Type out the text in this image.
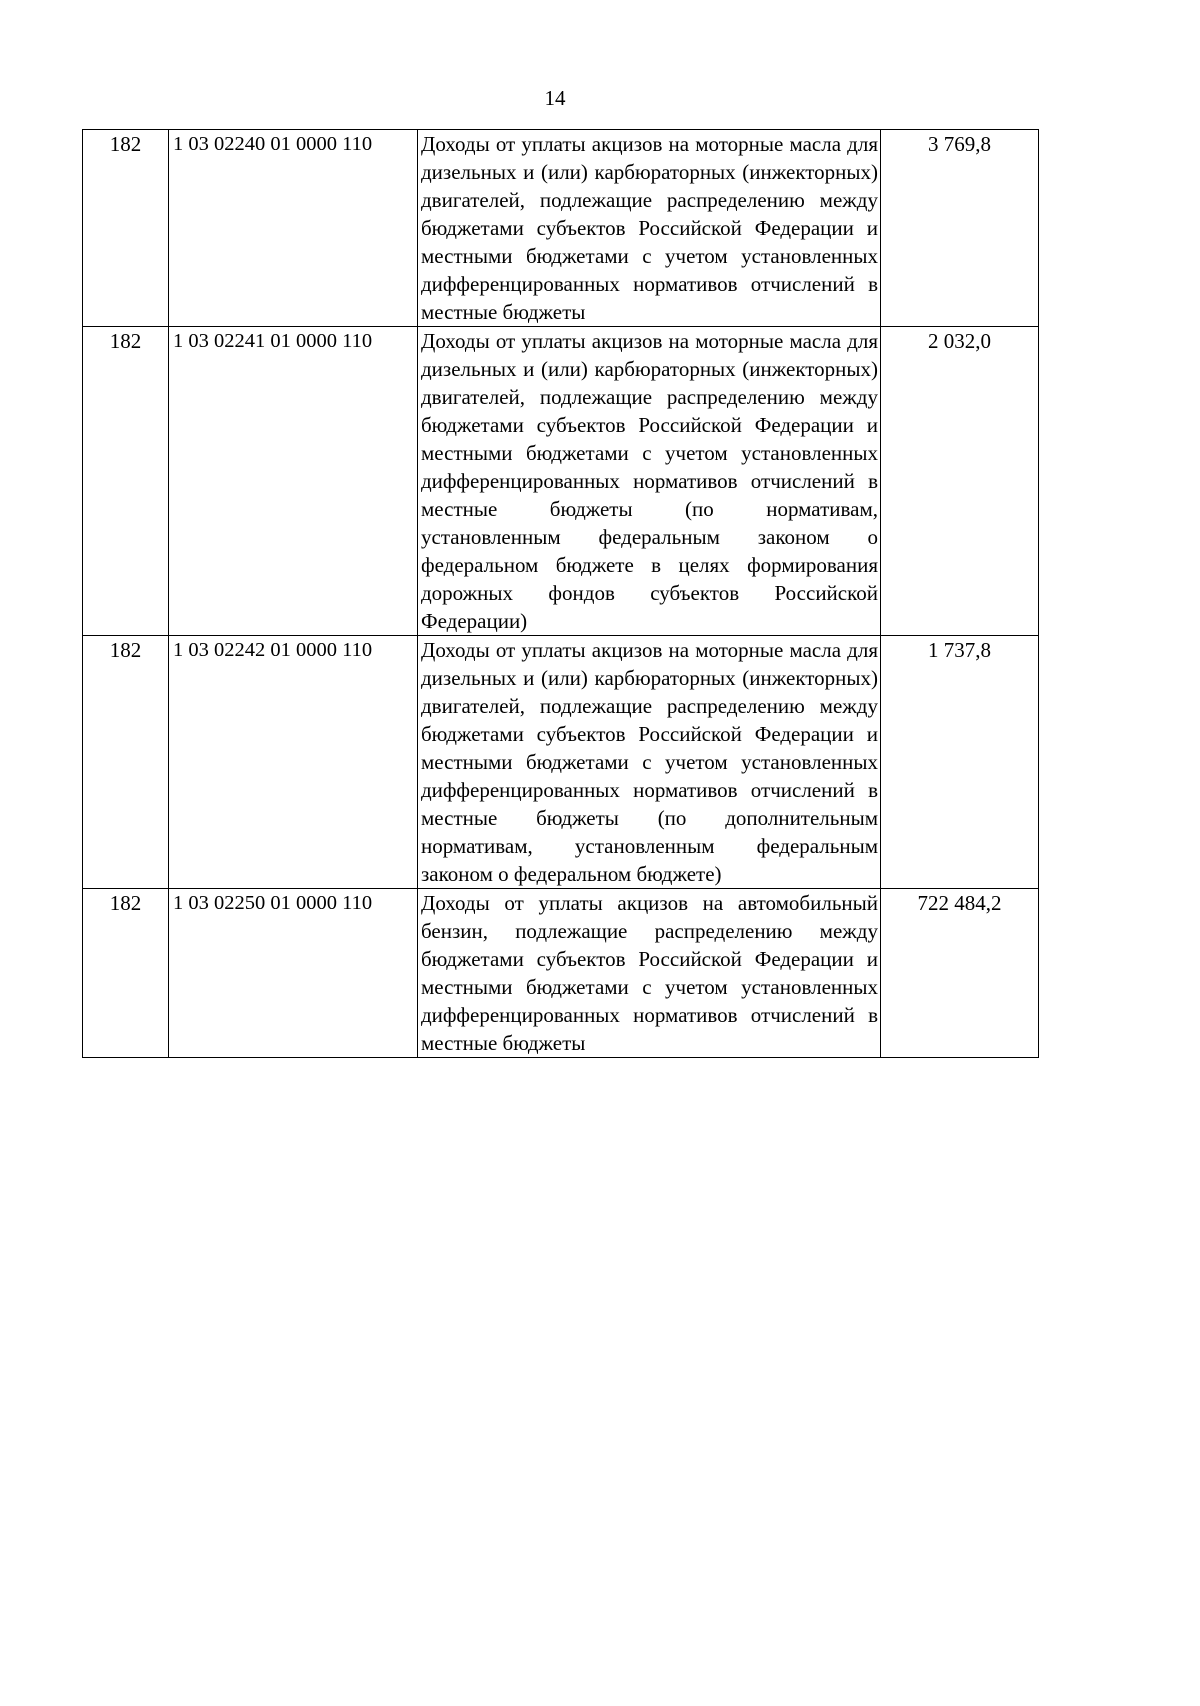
14
182	1 03 02240 01 0000 110	Доходы от уплаты акцизов на моторные масла для дизельных и (или) карбюраторных (инжекторных) двигателей, подлежащие распределению между бюджетами субъектов Российской Федерации и местными бюджетами с учетом установленных дифференцированных нормативов отчислений в местные бюджеты	3 769,8
182	1 03 02241 01 0000 110	Доходы от уплаты акцизов на моторные масла для дизельных и (или) карбюраторных (инжекторных) двигателей, подлежащие распределению между бюджетами субъектов Российской Федерации и местными бюджетами с учетом установленных дифференцированных нормативов отчислений в местные бюджеты (по нормативам, установленным федеральным законом о федеральном бюджете в целях формирования дорожных фондов субъектов Российской Федерации)	2 032,0
182	1 03 02242 01 0000 110	Доходы от уплаты акцизов на моторные масла для дизельных и (или) карбюраторных (инжекторных) двигателей, подлежащие распределению между бюджетами субъектов Российской Федерации и местными бюджетами с учетом установленных дифференцированных нормативов отчислений в местные бюджеты (по дополнительным нормативам, установленным федеральным законом о федеральном бюджете)	1 737,8
182	1 03 02250 01 0000 110	Доходы от уплаты акцизов на автомобильный бензин, подлежащие распределению между бюджетами субъектов Российской Федерации и местными бюджетами с учетом установленных дифференцированных нормативов отчислений в местные бюджеты	722 484,2
